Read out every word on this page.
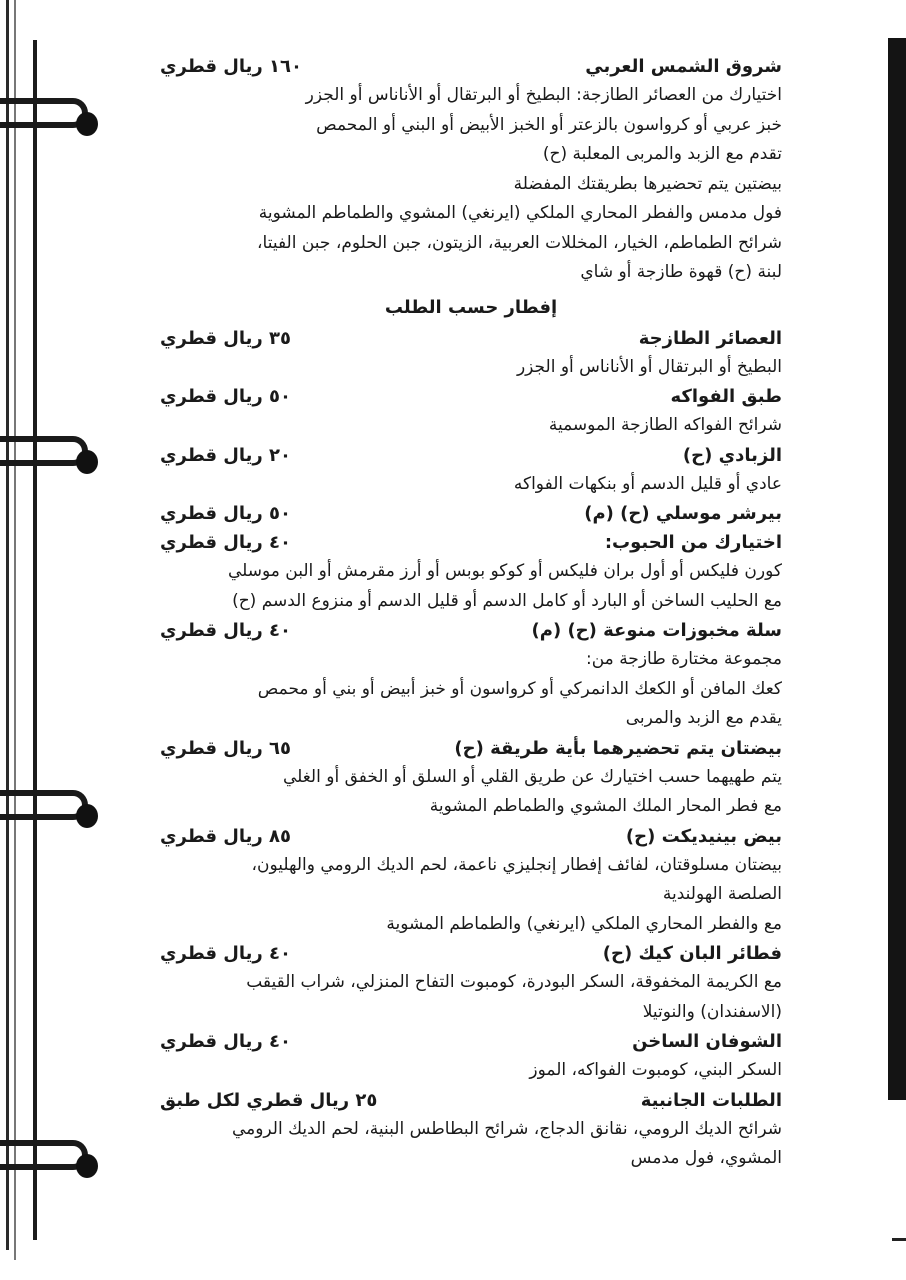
شروق الشمس العربي
١٦٠ ريال قطري
اختيارك من العصائر الطازجة: البطيخ أو البرتقال أو الأناناس أو الجزر
خبز عربي أو كرواسون بالزعتر أو الخبز الأبيض أو البني أو المحمص
تقدم مع الزبد والمربى المعلبة (ح)
بيضتين يتم تحضيرها بطريقتك المفضلة
فول مدمس والفطر المحاري الملكي (ايرنغي) المشوي والطماطم المشوية
شرائح الطماطم، الخيار، المخللات العربية، الزيتون، جبن الحلوم، جبن الفيتا،
لبنة (ح) قهوة طازجة أو شاي
إفطار حسب الطلب
العصائر الطازجة
٣٥ ريال قطري
البطيخ أو البرتقال أو الأناناس أو الجزر
طبق الفواكه
٥٠ ريال قطري
شرائح الفواكه الطازجة الموسمية
الزبادي (ح)
٢٠ ريال قطري
عادي أو قليل الدسم أو بنكهات الفواكه
بيرشر موسلي (ح) (م)
٥٠ ريال قطري
اختيارك من الحبوب:
٤٠ ريال قطري
كورن فليكس أو أول بران فليكس أو كوكو بوبس أو أرز مقرمش أو البن موسلي
مع الحليب الساخن أو البارد أو كامل الدسم أو قليل الدسم أو منزوع الدسم (ح)
سلة مخبوزات منوعة (ح) (م)
٤٠ ريال قطري
مجموعة مختارة طازجة من:
كعك المافن أو الكعك الدانمركي أو كرواسون أو خبز أبيض أو بني أو محمص
يقدم مع الزبد والمربى
بيضتان يتم تحضيرهما بأية طريقة (ح)
٦٥ ريال قطري
يتم طهيهما حسب اختيارك عن طريق القلي أو السلق أو الخفق أو الغلي
مع فطر المحار الملك المشوي والطماطم المشوية
بيض بينيديكت (ح)
٨٥ ريال قطري
بيضتان مسلوقتان، لفائف إفطار إنجليزي ناعمة، لحم الديك الرومي والهليون،
الصلصة الهولندية
مع والفطر المحاري الملكي (ايرنغي) والطماطم المشوية
فطائر البان كيك (ح)
٤٠ ريال قطري
مع الكريمة المخفوقة، السكر البودرة، كومبوت التفاح المنزلي، شراب القيقب
(الاسفندان) والنوتيلا
الشوفان الساخن
٤٠ ريال قطري
السكر البني، كومبوت الفواكه، الموز
الطلبات الجانبية
٢٥ ريال قطري لكل طبق
شرائح الديك الرومي، نقانق الدجاج، شرائح البطاطس البنية، لحم الديك الرومي
المشوي، فول مدمس
